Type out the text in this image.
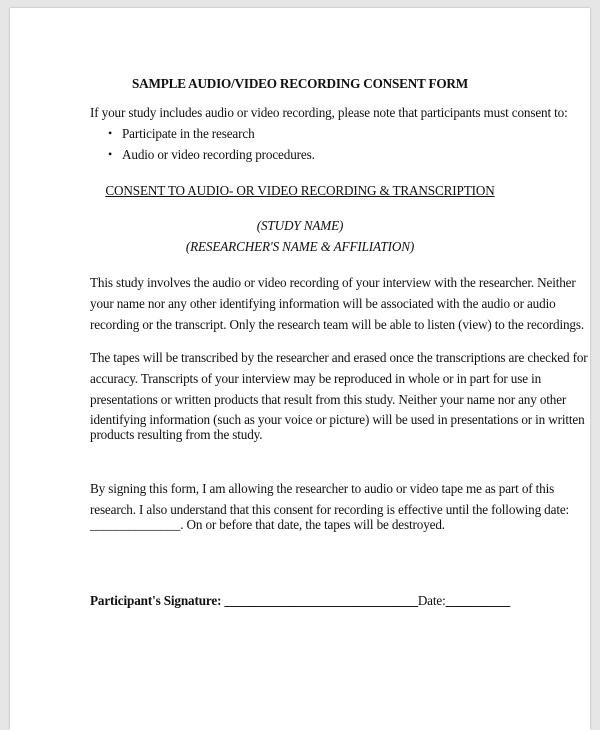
SAMPLE AUDIO/VIDEO RECORDING CONSENT FORM
If your study includes audio or video recording, please note that participants must consent to:
• Participate in the research
• Audio or video recording procedures.
CONSENT TO AUDIO- OR VIDEO RECORDING & TRANSCRIPTION
(STUDY NAME)
(RESEARCHER'S NAME & AFFILIATION)
This study involves the audio or video recording of your interview with the researcher. Neither
your name nor any other identifying information will be associated with the audio or audio
recording or the transcript. Only the research team will be able to listen (view) to the recordings.
The tapes will be transcribed by the researcher and erased once the transcriptions are checked for
accuracy. Transcripts of your interview may be reproduced in whole or in part for use in
presentations or written products that result from this study. Neither your name nor any other
identifying information (such as your voice or picture) will be used in presentations or in written
products resulting from the study.
By signing this form, I am allowing the researcher to audio or video tape me as part of this
research. I also understand that this consent for recording is effective until the following date:
______________. On or before that date, the tapes will be destroyed.
Participant's Signature: ______________________________Date:__________
